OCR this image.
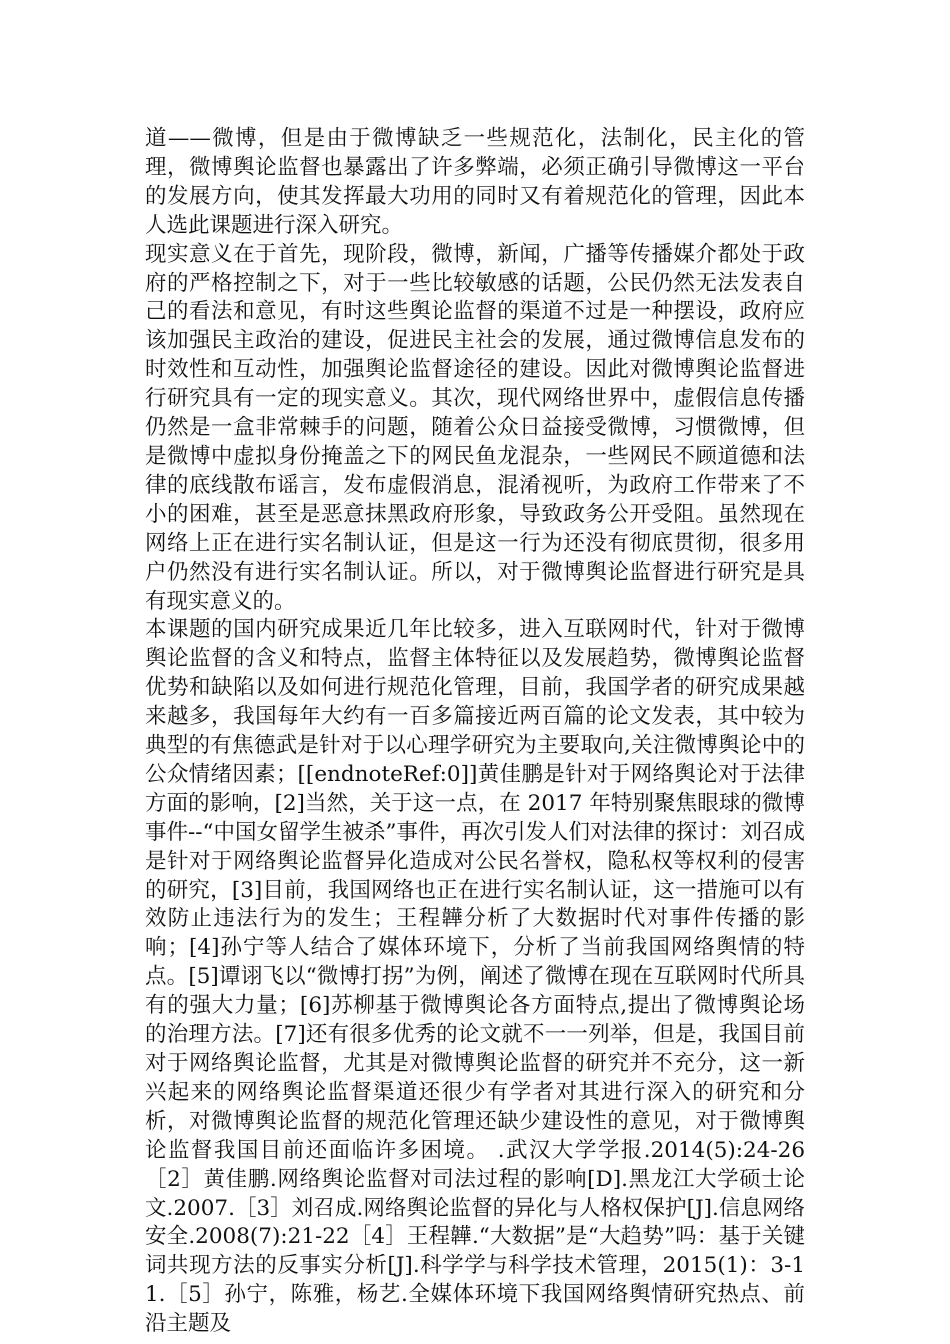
道——微博，但是由于微博缺乏一些规范化，法制化，民主化的管理，微博舆论监督也暴露出了许多弊端，必须正确引导微博这一平台的发展方向，使其发挥最大功用的同时又有着规范化的管理，因此本人选此课题进行深入研究。

现实意义在于首先，现阶段，微博，新闻，广播等传播媒介都处于政府的严格控制之下，对于一些比较敏感的话题，公民仍然无法发表自己的看法和意见，有时这些舆论监督的渠道不过是一种摆设，政府应该加强民主政治的建设，促进民主社会的发展，通过微博信息发布的时效性和互动性，加强舆论监督途径的建设。因此对微博舆论监督进行研究具有一定的现实意义。其次，现代网络世界中，虚假信息传播仍然是一盒非常棘手的问题，随着公众日益接受微博，习惯微博，但是微博中虚拟身份掩盖之下的网民鱼龙混杂，一些网民不顾道德和法律的底线散布谣言，发布虚假消息，混淆视听，为政府工作带来了不小的困难，甚至是恶意抹黑政府形象，导致政务公开受阻。虽然现在网络上正在进行实名制认证，但是这一行为还没有彻底贯彻，很多用户仍然没有进行实名制认证。所以，对于微博舆论监督进行研究是具有现实意义的。

本课题的国内研究成果近几年比较多，进入互联网时代，针对于微博舆论监督的含义和特点，监督主体特征以及发展趋势，微博舆论监督优势和缺陷以及如何进行规范化管理，目前，我国学者的研究成果越来越多，我国每年大约有一百多篇接近两百篇的论文发表，其中较为典型的有焦德武是针对于以心理学研究为主要取向,关注微博舆论中的公众情绪因素；[[endnoteRef:0]]黄佳鹏是针对于网络舆论对于法律方面的影响，[2]当然，关于这一点，在 2017 年特别聚焦眼球的微博事件--“中国女留学生被杀”事件，再次引发人们对法律的探讨：刘召成是针对于网络舆论监督异化造成对公民名誉权，隐私权等权利的侵害的研究，[3]目前，我国网络也正在进行实名制认证，这一措施可以有效防止违法行为的发生；王程韡分析了大数据时代对事件传播的影响；[4]孙宁等人结合了媒体环境下，分析了当前我国网络舆情的特点。[5]谭诩飞以“微博打拐”为例，阐述了微博在现在互联网时代所具有的强大力量；[6]苏柳基于微博舆论各方面特点,提出了微博舆论场的治理方法。[7]还有很多优秀的论文就不一一列举，但是，我国目前对于网络舆论监督，尤其是对微博舆论监督的研究并不充分，这一新兴起来的网络舆论监督渠道还很少有学者对其进行深入的研究和分析，对微博舆论监督的规范化管理还缺少建设性的意见，对于微博舆论监督我国目前还面临许多困境。 .武汉大学学报.2014(5):24-26［2］黄佳鹏.网络舆论监督对司法过程的影响[D].黑龙江大学硕士论文.2007.［3］刘召成.网络舆论监督的异化与人格权保护[J].信息网络安全.2008(7):21-22［4］王程韡.“大数据”是“大趋势”吗：基于关键词共现方法的反事实分析[J].科学学与科学技术管理，2015(1)：3-11.［5］孙宁，陈雅，杨艺.全媒体环境下我国网络舆情研究热点、前沿主题及
